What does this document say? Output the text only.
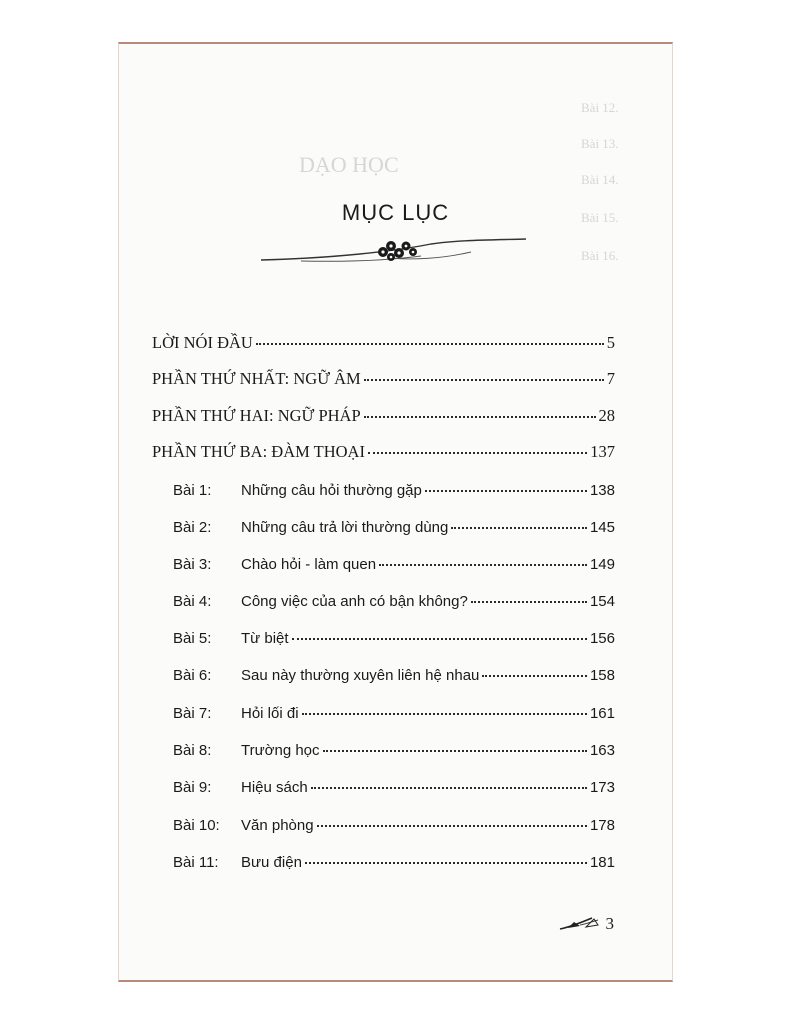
Bài 12.
Bài 13.
Bài 14.
Bài 15.
Bài 16.
DẠO HỌC
MỤC LỤC
LỜI NÓI ĐẦU	5
PHẦN THỨ NHẤT: NGỮ ÂM	7
PHẦN THỨ HAI: NGỮ PHÁP	28
PHẦN THỨ BA: ĐÀM THOẠI	137
Bài 1:	Những câu hỏi thường gặp	138
Bài 2:	Những câu trả lời thường dùng	145
Bài 3:	Chào hỏi - làm quen	149
Bài 4:	Công việc của anh có bận không?	154
Bài 5:	Từ biệt	156
Bài 6:	Sau này thường xuyên liên hệ nhau	158
Bài 7:	Hỏi lối đi	161
Bài 8:	Trường học	163
Bài 9:	Hiệu sách	173
Bài 10:	Văn phòng	178
Bài 11:	Bưu điện	181
3
